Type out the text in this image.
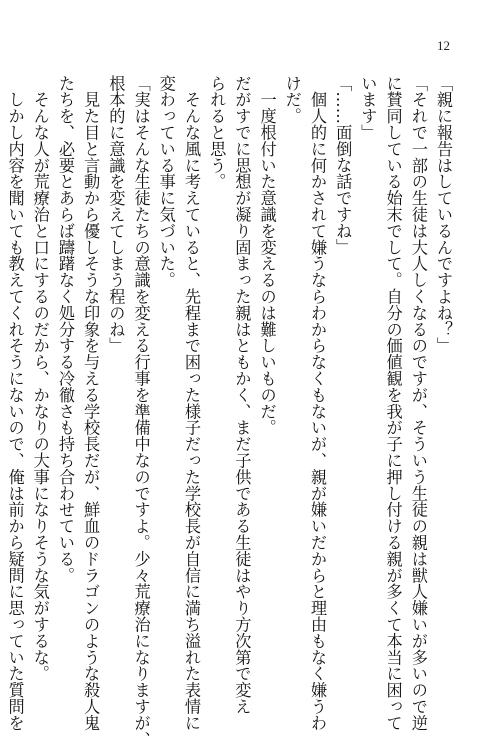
12
「親に報告はしているんですよね？」
「それで一部の生徒は大人しくなるのですが、そういう生徒の親は獣人嫌いが多いので逆
に賛同している始末でして。自分の価値観を我が子に押し付ける親が多くて本当に困って
います」
「……面倒な話ですね」
　個人的に何かされて嫌うならわからなくもないが、親が嫌いだからと理由もなく嫌うわ
けだ。
　一度根付いた意識を変えるのは難しいものだ。
だがすでに思想が凝り固まった親はともかく、まだ子供である生徒はやり方次第で変え
られると思う。
　そんな風に考えていると、先程まで困った様子だった学校長が自信に満ち溢れた表情に
変わっている事に気づいた。
「実はそんな生徒たちの意識を変える行事を準備中なのですよ。少々荒療治になりますが、
根本的に意識を変えてしまう程のね」
　見た目と言動から優しそうな印象を与える学校長だが、鮮血のドラゴンのような殺人鬼
たちを、必要とあらば躊躇なく処分する冷徹さも持ち合わせている。
　そんな人が荒療治と口にするのだから、かなりの大事になりそうな気がするな。
　しかし内容を聞いても教えてくれそうにないので、俺は前から疑問に思っていた質問を
